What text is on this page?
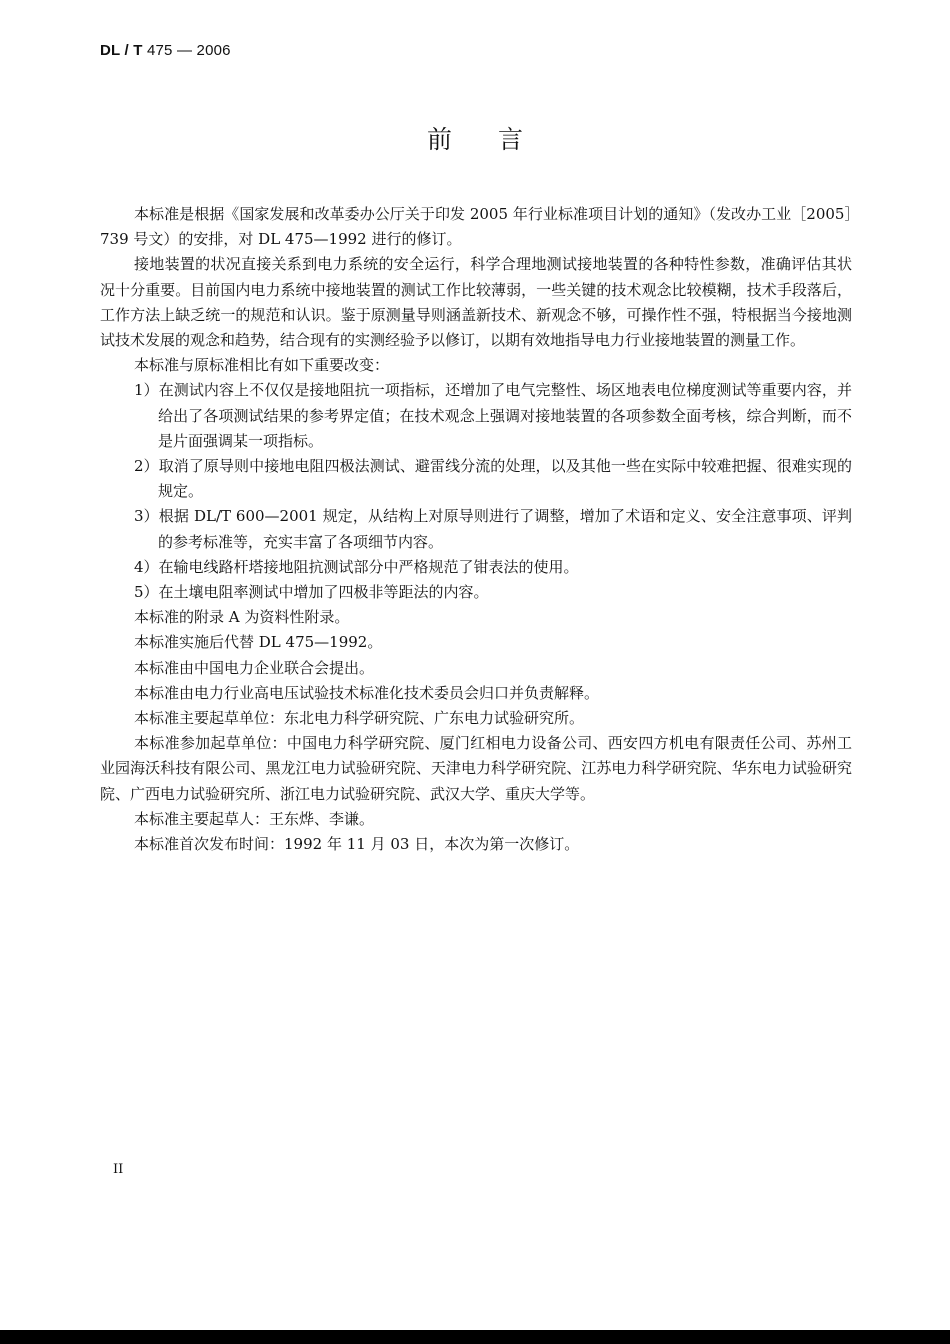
DL / T 475 — 2006
前言

本标准是根据《国家发展和改革委办公厅关于印发 2005 年行业标准项目计划的通知》（发改办工业［2005］739 号文）的安排，对 DL 475—1992 进行的修订。

接地装置的状况直接关系到电力系统的安全运行，科学合理地测试接地装置的各种特性参数，准确评估其状况十分重要。目前国内电力系统中接地装置的测试工作比较薄弱，一些关键的技术观念比较模糊，技术手段落后，工作方法上缺乏统一的规范和认识。鉴于原测量导则涵盖新技术、新观念不够，可操作性不强，特根据当今接地测试技术发展的观念和趋势，结合现有的实测经验予以修订，以期有效地指导电力行业接地装置的测量工作。

本标准与原标准相比有如下重要改变：

1）在测试内容上不仅仅是接地阻抗一项指标，还增加了电气完整性、场区地表电位梯度测试等重要内容，并给出了各项测试结果的参考界定值；在技术观念上强调对接地装置的各项参数全面考核，综合判断，而不是片面强调某一项指标。

2）取消了原导则中接地电阻四极法测试、避雷线分流的处理，以及其他一些在实际中较难把握、很难实现的规定。

3）根据 DL/T 600—2001 规定，从结构上对原导则进行了调整，增加了术语和定义、安全注意事项、评判的参考标准等，充实丰富了各项细节内容。

4）在输电线路杆塔接地阻抗测试部分中严格规范了钳表法的使用。

5）在土壤电阻率测试中增加了四极非等距法的内容。

本标准的附录 A 为资料性附录。

本标准实施后代替 DL 475—1992。

本标准由中国电力企业联合会提出。

本标准由电力行业高电压试验技术标准化技术委员会归口并负责解释。

本标准主要起草单位：东北电力科学研究院、广东电力试验研究所。

本标准参加起草单位：中国电力科学研究院、厦门红相电力设备公司、西安四方机电有限责任公司、苏州工业园海沃科技有限公司、黑龙江电力试验研究院、天津电力科学研究院、江苏电力科学研究院、华东电力试验研究院、广西电力试验研究所、浙江电力试验研究院、武汉大学、重庆大学等。

本标准主要起草人：王东烨、李谦。

本标准首次发布时间：1992 年 11 月 03 日，本次为第一次修订。

II
